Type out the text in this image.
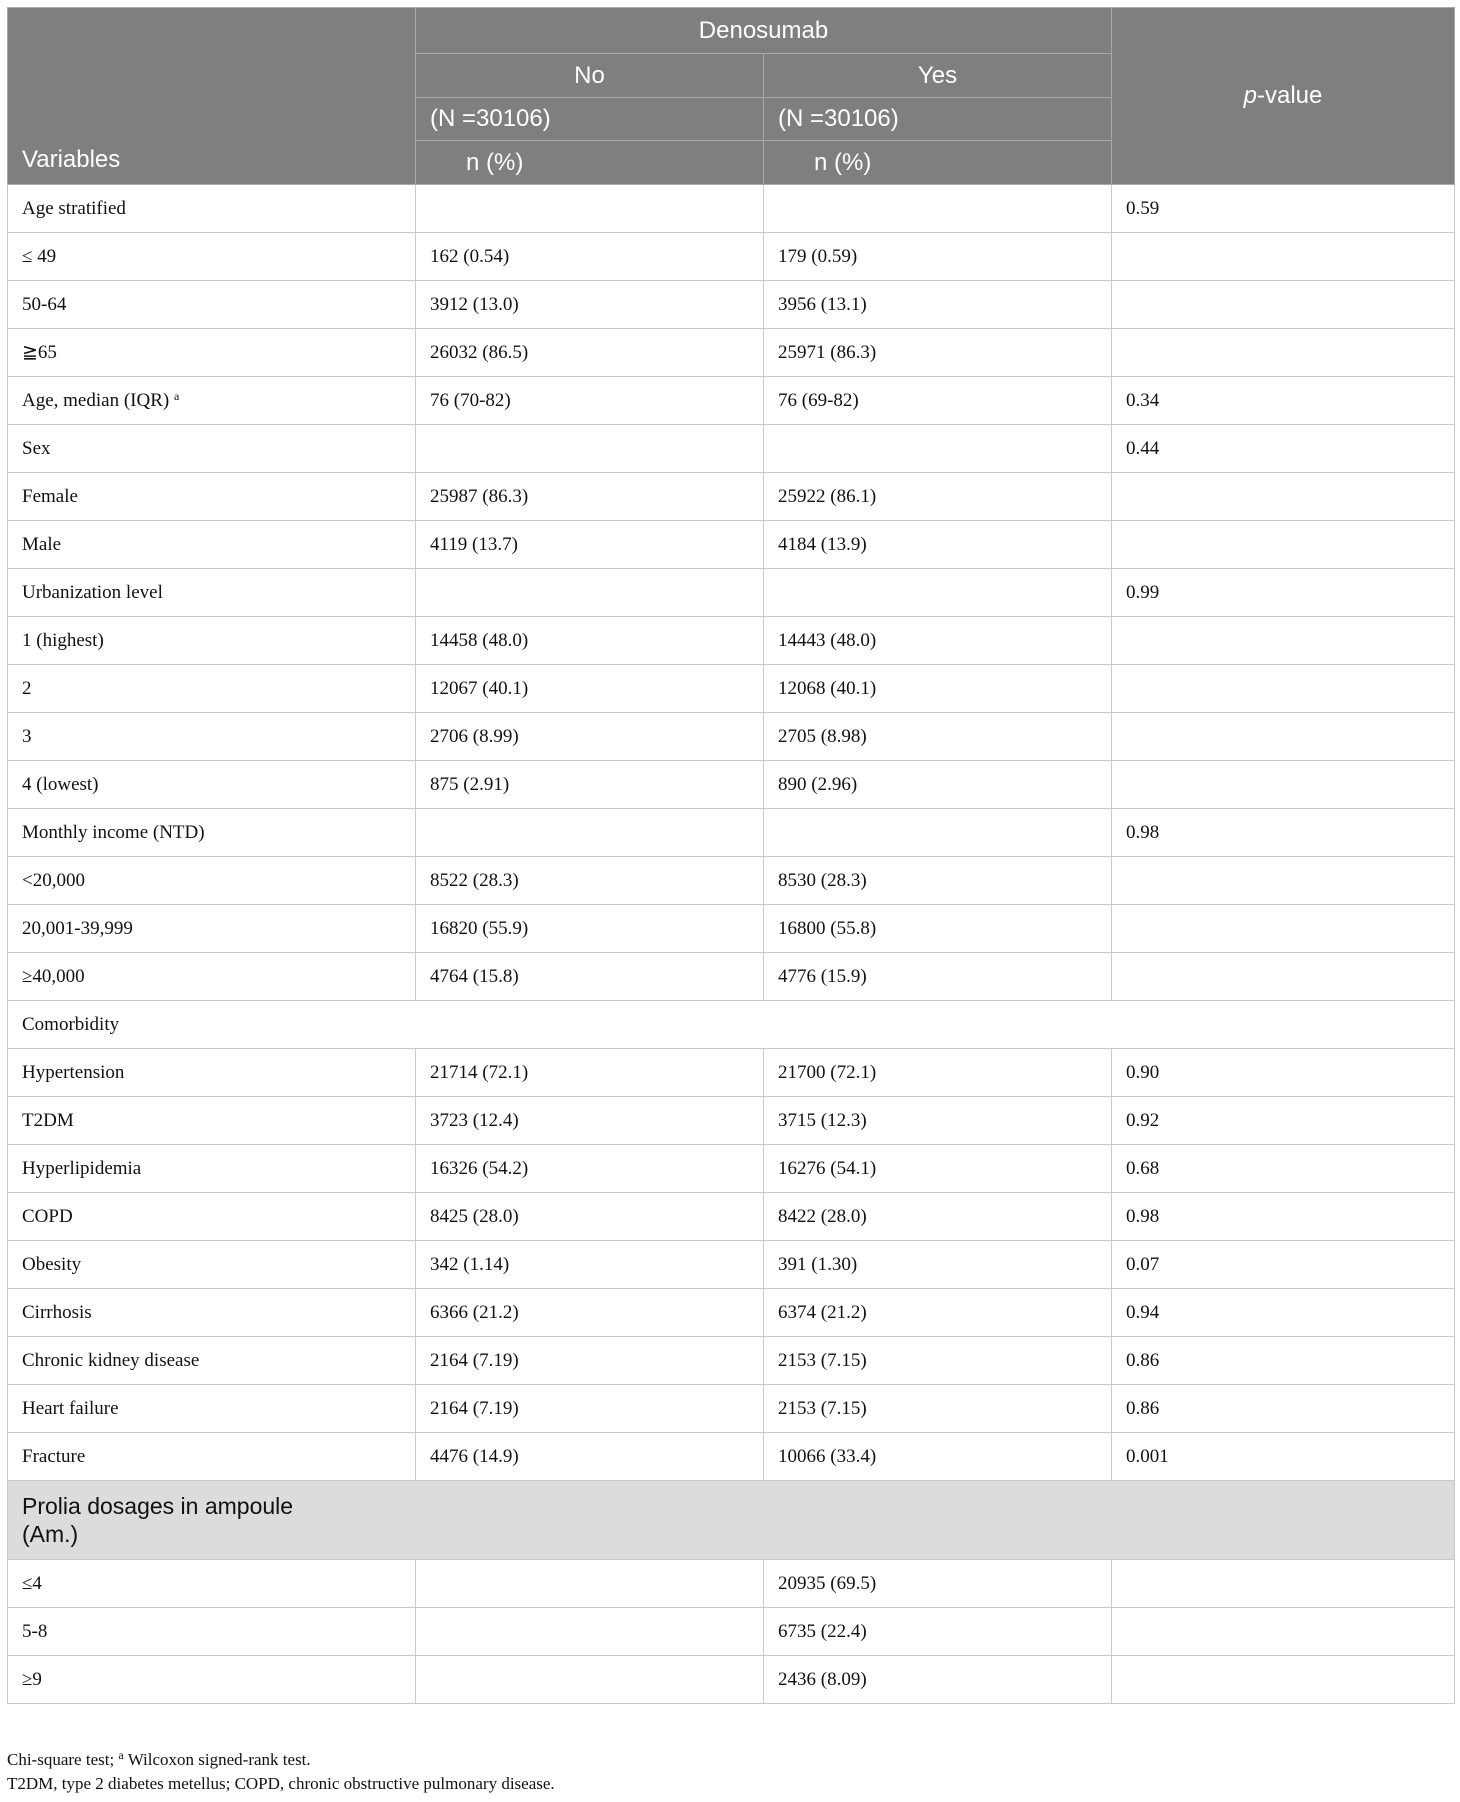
Variables	Denosumab		p-value
	No	Yes	
	(N =30106)	(N =30106)	
	n (%)	n (%)	
Age stratified			0.59
≤ 49	162 (0.54)	179 (0.59)	
50-64	3912 (13.0)	3956 (13.1)	
≧65	26032 (86.5)	25971 (86.3)	
Age, median (IQR) $^a$	76 (70-82)	76 (69-82)	0.34
Sex			0.44
Female	25987 (86.3)	25922 (86.1)	
Male	4119 (13.7)	4184 (13.9)	
Urbanization level			0.99
1 (highest)	14458 (48.0)	14443 (48.0)	
2	12067 (40.1)	12068 (40.1)	
3	2706 (8.99)	2705 (8.98)	
4 (lowest)	875 (2.91)	890 (2.96)	
Monthly income (NTD)			0.98
<20,000	8522 (28.3)	8530 (28.3)	
20,001-39,999	16820 (55.9)	16800 (55.8)	
≥40,000	4764 (15.8)	4776 (15.9)	
Comorbidity			
Hypertension	21714 (72.1)	21700 (72.1)	0.90
T2DM	3723 (12.4)	3715 (12.3)	0.92
Hyperlipidemia	16326 (54.2)	16276 (54.1)	0.68
COPD	8425 (28.0)	8422 (28.0)	0.98
Obesity	342 (1.14)	391 (1.30)	0.07
Cirrhosis	6366 (21.2)	6374 (21.2)	0.94
Chronic kidney disease	2164 (7.19)	2153 (7.15)	0.86
Heart failure	2164 (7.19)	2153 (7.15)	0.86
Fracture	4476 (14.9)	10066 (33.4)	0.001

Prolia dosages in ampoule (Am.)			

≤4		20935 (69.5)	
5-8		6735 (22.4)	
≥9		2436 (8.09)	
Chi-square test; $^a$ Wilcoxon signed-rank test.
T2DM, type 2 diabetes metellus; COPD, chronic obstructive pulmonary disease.
